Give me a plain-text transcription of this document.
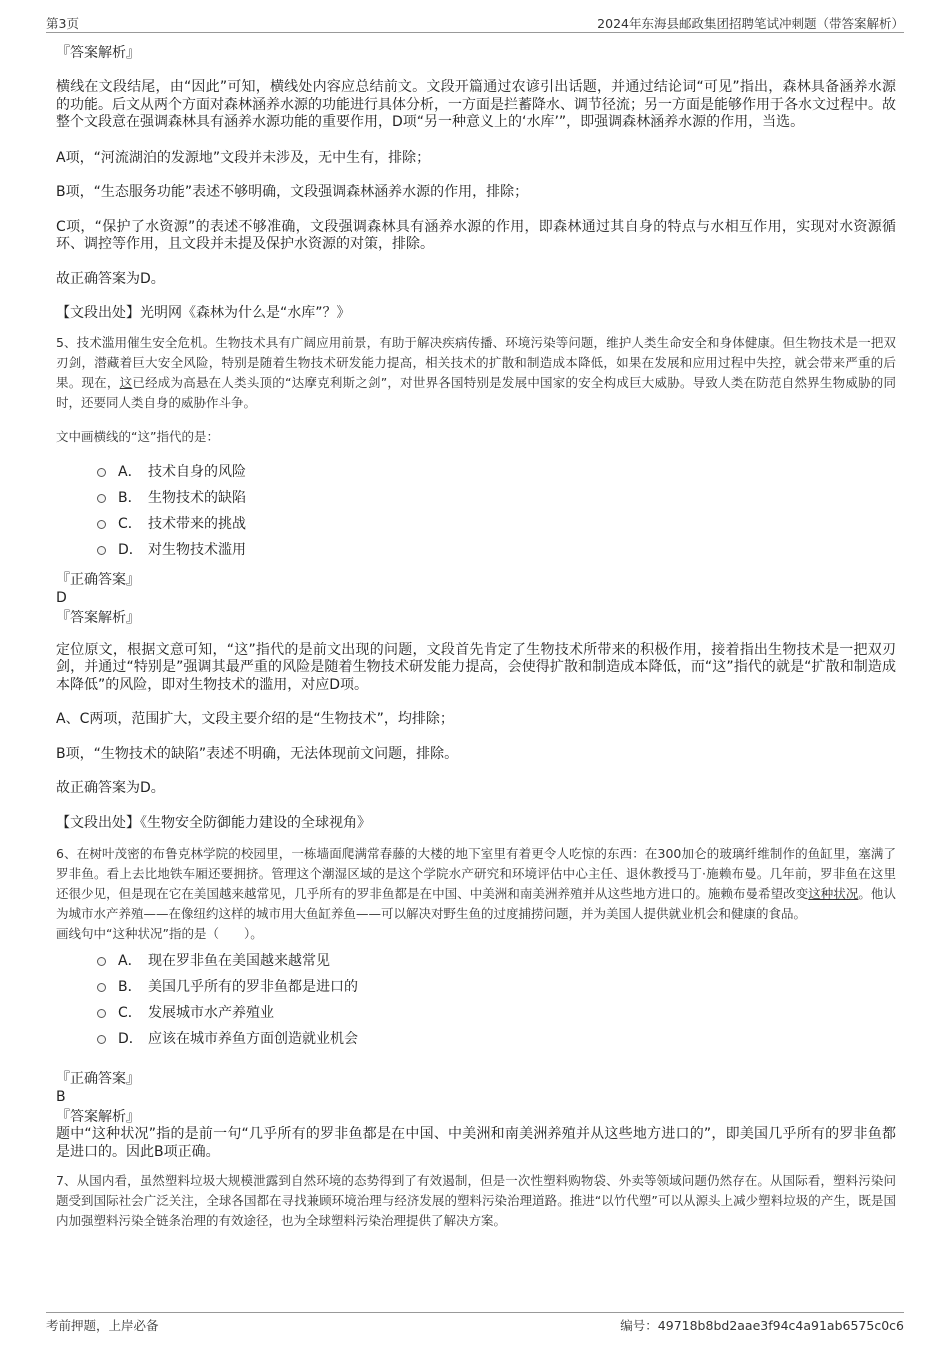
第3页	2024年东海县邮政集团招聘笔试冲刺题（带答案解析）
『答案解析』

横线在文段结尾，由“因此”可知，横线处内容应总结前文。文段开篇通过农谚引出话题，并通过结论词“可见”指出，森林具备涵养水源的功能。后文从两个方面对森林涵养水源的功能进行具体分析，一方面是拦蓄降水、调节径流；另一方面是能够作用于各水文过程中。故整个文段意在强调森林具有涵养水源功能的重要作用，D项“另一种意义上的‘水库’”，即强调森林涵养水源的作用，当选。

A项，“河流湖泊的发源地”文段并未涉及，无中生有，排除；

B项，“生态服务功能”表述不够明确，文段强调森林涵养水源的作用，排除；

C项，“保护了水资源”的表述不够准确，文段强调森林具有涵养水源的作用，即森林通过其自身的特点与水相互作用，实现对水资源循环、调控等作用，且文段并未提及保护水资源的对策，排除。

故正确答案为D。

【文段出处】光明网《森林为什么是“水库”？》

5、技术滥用催生安全危机。生物技术具有广阔应用前景，有助于解决疾病传播、环境污染等问题，维护人类生命安全和身体健康。但生物技术是一把双刃剑，潜藏着巨大安全风险，特别是随着生物技术研发能力提高，相关技术的扩散和制造成本降低，如果在发展和应用过程中失控，就会带来严重的后果。现在，这已经成为高悬在人类头顶的“达摩克利斯之剑”，对世界各国特别是发展中国家的安全构成巨大威胁。导致人类在防范自然界生物威胁的同时，还要同人类自身的威胁作斗争。

文中画横线的“这”指代的是：

A． 技术自身的风险
B． 生物技术的缺陷
C． 技术带来的挑战
D． 对生物技术滥用
『正确答案』
D
『答案解析』

定位原文，根据文意可知，“这”指代的是前文出现的问题，文段首先肯定了生物技术所带来的积极作用，接着指出生物技术是一把双刃剑，并通过“特别是”强调其最严重的风险是随着生物技术研发能力提高，会使得扩散和制造成本降低，而“这”指代的就是“扩散和制造成本降低”的风险，即对生物技术的滥用，对应D项。

A、C两项，范围扩大，文段主要介绍的是“生物技术”，均排除；

B项，“生物技术的缺陷”表述不明确，无法体现前文问题，排除。

故正确答案为D。

【文段出处】《生物安全防御能力建设的全球视角》

6、在树叶茂密的布鲁克林学院的校园里，一栋墙面爬满常春藤的大楼的地下室里有着更令人吃惊的东西：在300加仑的玻璃纤维制作的鱼缸里，塞满了罗非鱼。看上去比地铁车厢还要拥挤。管理这个潮湿区域的是这个学院水产研究和环境评估中心主任、退休教授马丁·施赖布曼。几年前，罗非鱼在这里还很少见，但是现在它在美国越来越常见，几乎所有的罗非鱼都是在中国、中美洲和南美洲养殖并从这些地方进口的。施赖布曼希望改变这种状况。他认为城市水产养殖——在像纽约这样的城市用大鱼缸养鱼——可以解决对野生鱼的过度捕捞问题，并为美国人提供就业机会和健康的食品。

画线句中“这种状况”指的是（　　）。

A． 现在罗非鱼在美国越来越常见
B． 美国几乎所有的罗非鱼都是进口的
C． 发展城市水产养殖业
D． 应该在城市养鱼方面创造就业机会
『正确答案』
B
『答案解析』

题中“这种状况”指的是前一句“几乎所有的罗非鱼都是在中国、中美洲和南美洲养殖并从这些地方进口的”，即美国几乎所有的罗非鱼都是进口的。因此B项正确。

7、从国内看，虽然塑料垃圾大规模泄露到自然环境的态势得到了有效遏制，但是一次性塑料购物袋、外卖等领域问题仍然存在。从国际看，塑料污染问题受到国际社会广泛关注，全球各国都在寻找兼顾环境治理与经济发展的塑料污染治理道路。推进“以竹代塑”可以从源头上减少塑料垃圾的产生，既是国内加强塑料污染全链条治理的有效途径，也为全球塑料污染治理提供了解决方案。

考前押题，上岸必备	编号：49718b8bd2aae3f94c4a91ab6575c0c6
